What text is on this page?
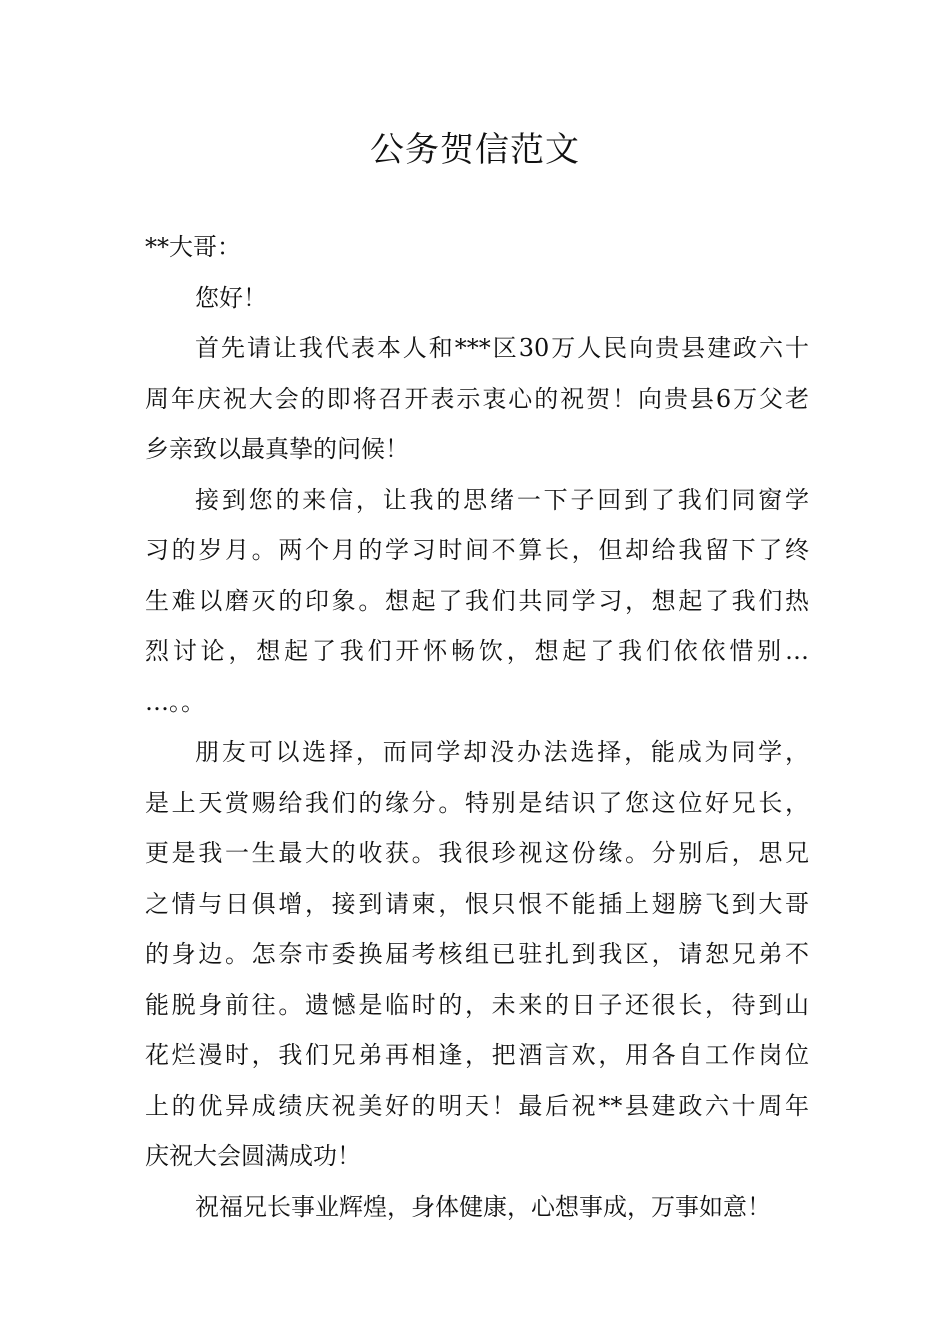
公务贺信范文
**大哥：
您好！
首先请让我代表本人和***区30万人民向贵县建政六十
周年庆祝大会的即将召开表示衷心的祝贺！向贵县6万父老
乡亲致以最真挚的问候！
接到您的来信，让我的思绪一下子回到了我们同窗学
习的岁月。两个月的学习时间不算长，但却给我留下了终
生难以磨灭的印象。想起了我们共同学习，想起了我们热
烈讨论，想起了我们开怀畅饮，想起了我们依依惜别…
…。。
朋友可以选择，而同学却没办法选择，能成为同学，
是上天赏赐给我们的缘分。特别是结识了您这位好兄长，
更是我一生最大的收获。我很珍视这份缘。分别后，思兄
之情与日俱增，接到请柬，恨只恨不能插上翅膀飞到大哥
的身边。怎奈市委换届考核组已驻扎到我区，请恕兄弟不
能脱身前往。遗憾是临时的，未来的日子还很长，待到山
花烂漫时，我们兄弟再相逢，把酒言欢，用各自工作岗位
上的优异成绩庆祝美好的明天！最后祝**县建政六十周年
庆祝大会圆满成功！
祝福兄长事业辉煌，身体健康，心想事成，万事如意！
